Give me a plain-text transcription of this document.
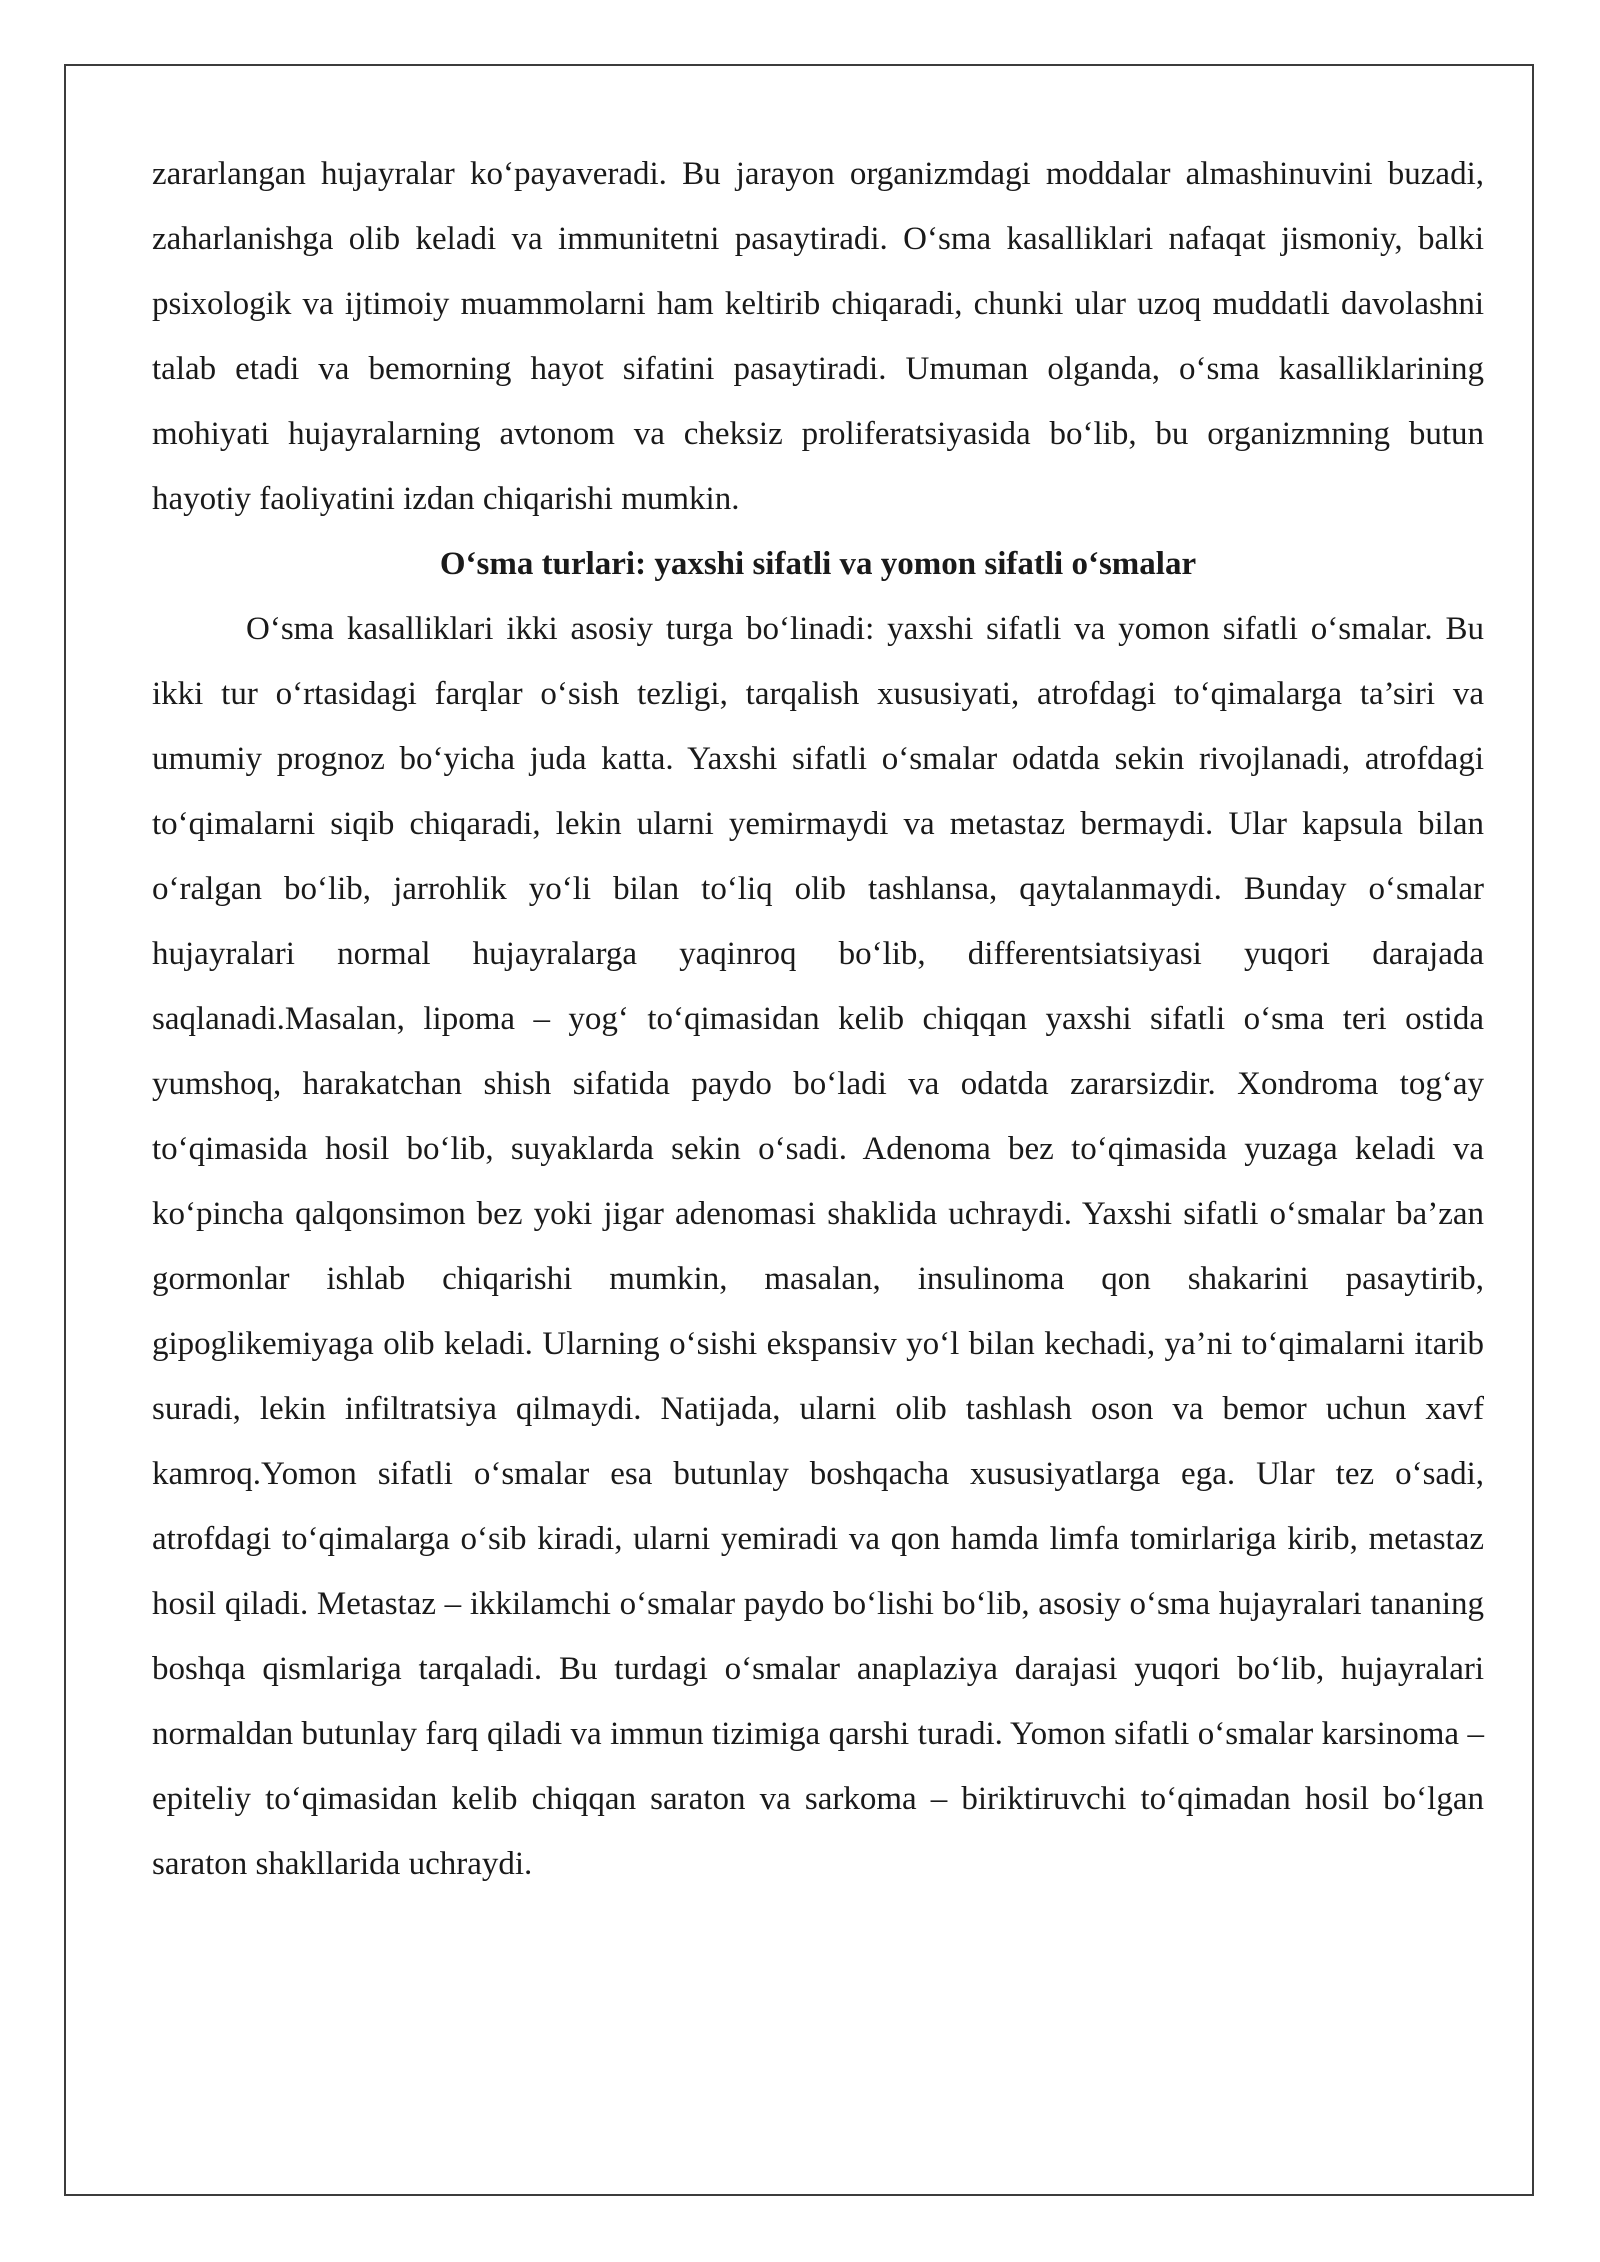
zararlangan hujayralar ko‘payaveradi. Bu jarayon organizmdagi moddalar almashinuvini buzadi, zaharlanishga olib keladi va immunitetni pasaytiradi. O‘sma kasalliklari nafaqat jismoniy, balki psixologik va ijtimoiy muammolarni ham keltirib chiqaradi, chunki ular uzoq muddatli davolashni talab etadi va bemorning hayot sifatini pasaytiradi. Umuman olganda, o‘sma kasalliklarining mohiyati hujayralarning avtonom va cheksiz proliferatsiyasida bo‘lib, bu organizmning butun hayotiy faoliyatini izdan chiqarishi mumkin.

O‘sma turlari: yaxshi sifatli va yomon sifatli o‘smalar

O‘sma kasalliklari ikki asosiy turga bo‘linadi: yaxshi sifatli va yomon sifatli o‘smalar. Bu ikki tur o‘rtasidagi farqlar o‘sish tezligi, tarqalish xususiyati, atrofdagi to‘qimalarga ta’siri va umumiy prognoz bo‘yicha juda katta. Yaxshi sifatli o‘smalar odatda sekin rivojlanadi, atrofdagi to‘qimalarni siqib chiqaradi, lekin ularni yemirmaydi va metastaz bermaydi. Ular kapsula bilan o‘ralgan bo‘lib, jarrohlik yo‘li bilan to‘liq olib tashlansa, qaytalanmaydi. Bunday o‘smalar hujayralari normal hujayralarga yaqinroq bo‘lib, differentsiatsiyasi yuqori darajada saqlanadi.Masalan, lipoma – yog‘ to‘qimasidan kelib chiqqan yaxshi sifatli o‘sma teri ostida yumshoq, harakatchan shish sifatida paydo bo‘ladi va odatda zararsizdir. Xondroma tog‘ay to‘qimasida hosil bo‘lib, suyaklarda sekin o‘sadi. Adenoma bez to‘qimasida yuzaga keladi va ko‘pincha qalqonsimon bez yoki jigar adenomasi shaklida uchraydi. Yaxshi sifatli o‘smalar ba’zan gormonlar ishlab chiqarishi mumkin, masalan, insulinoma qon shakarini pasaytirib, gipoglikemiyaga olib keladi. Ularning o‘sishi ekspansiv yo‘l bilan kechadi, ya’ni to‘qimalarni itarib suradi, lekin infiltratsiya qilmaydi. Natijada, ularni olib tashlash oson va bemor uchun xavf kamroq.Yomon sifatli o‘smalar esa butunlay boshqacha xususiyatlarga ega. Ular tez o‘sadi, atrofdagi to‘qimalarga o‘sib kiradi, ularni yemiradi va qon hamda limfa tomirlariga kirib, metastaz hosil qiladi. Metastaz – ikkilamchi o‘smalar paydo bo‘lishi bo‘lib, asosiy o‘sma hujayralari tananing boshqa qismlariga tarqaladi. Bu turdagi o‘smalar anaplaziya darajasi yuqori bo‘lib, hujayralari normaldan butunlay farq qiladi va immun tizimiga qarshi turadi. Yomon sifatli o‘smalar karsinoma – epiteliy to‘qimasidan kelib chiqqan saraton va sarkoma – biriktiruvchi to‘qimadan hosil bo‘lgan saraton shakllarida uchraydi.
